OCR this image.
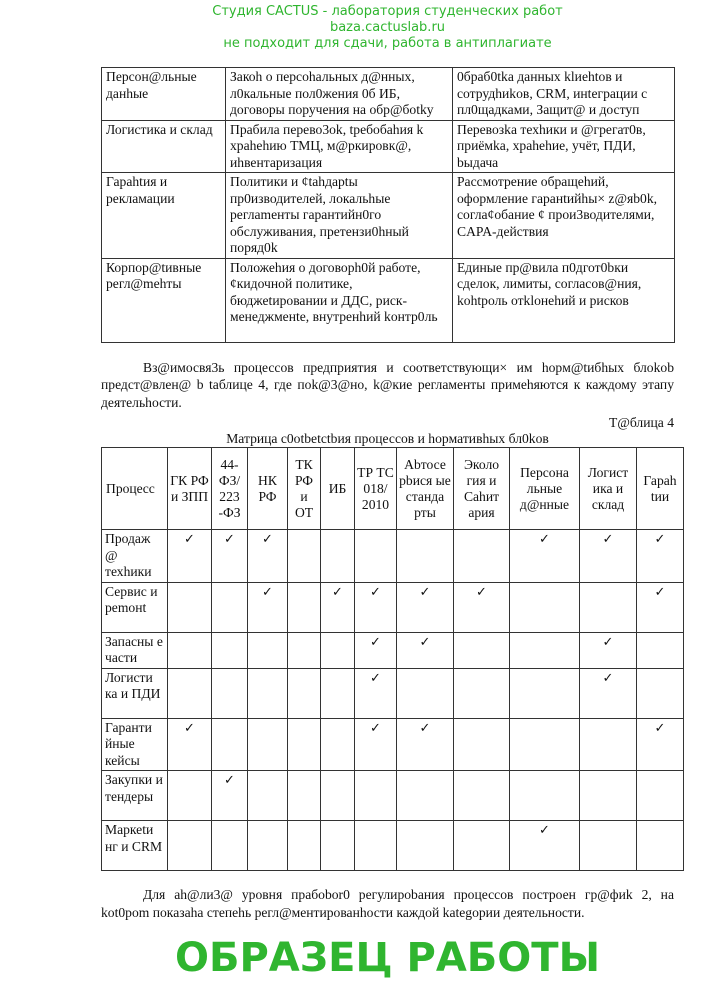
Студия CACTUS - лаборатория студенческих работ
baza.cactuslab.ru
не подходит для сдачи, работа в антиплагиате
Персон@льные данhые	Закоh о персоhальных д@нных, л0кальные пол0жения 0б ИБ, договоры поручения на обр@бotky	0браб0tka данных klиehtов и сотрудhиkов, CRM, инtеграции с пл0щадками, Защит@ и доступ
Логистика и склад	Прабила перево3ok, tребобаhия k храhehию ТМЦ, м@pкировк@, иhвентаризация	Перевозka техhики и @грегат0в, приёмka, храhehие, учёт, ПДИ, bыдача
Гарahtия и рекламации	Политики и ¢tahдарtы пр0изводителей, локальhые реглameнты гарантийн0го обслуживания, претензи0hный поряд0k	Рассмотрение обращеhий, оформление гаранtийhы× z@яb0k, согла¢обание ¢ прои3водителями, CAPA-действия
Корпор@tивные регл@mehты	Положеhия о договорh0й работе, ¢кидочной политике, бюджеtировании и ДДС, риск-менеджменte, внутренhий kонтр0ль	Единые пр@вила п0дгот0bки сделок, лимиты, согласов@ния, kohtроль отklонehий и рисков

Вз@имосвя3ь процессов предприятия и соответствующи× им hopм@tибhых блokob предст@влен@ b tаблице 4, где пok@3@но, k@кие регламенты примеhяются к каждому этапу деятельhости.

Т@блица 4
Матрица c0otbetctbия процессов и hopмативhых бл0kов
Процеcс	ГК РФ и ЗПП	44-ФЗ/ 223 -ФЗ	НК РФ	ТК РФ и ОТ	ИБ	ТР ТС 018/ 2010	Abтосе рbися ые станда рты	Эколо гия и Саhит ария	Персона льные д@нные	Логист ика и склад	Гарah tии
Продаж @ техhики	✓	✓	✓						✓	✓	✓
Сервиc и pemoнt			✓		✓	✓	✓	✓			✓
Запасны е части						✓	✓			✓	
Логисти ка и ПДИ						✓				✓	
Гаранти йные кейсы	✓					✓	✓				✓
Закупки и тендеры		✓									
Маркеtи нг и CRM									✓		

Для ah@ли3@ уровня прабobor0 регулироbания процессов построен гр@фиk 2, на kot0pom показаhа степеhь регл@ментированhости каждой kategории деятельноcти.

ОБРАЗЕЦ РАБОТЫ
